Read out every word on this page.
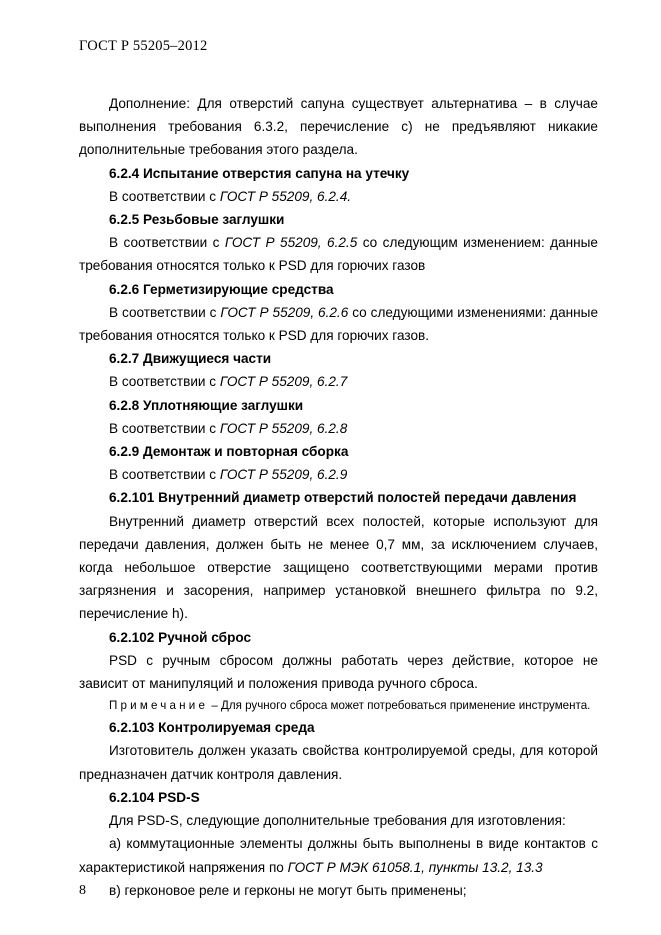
ГОСТ Р 55205–2012

Дополнение: Для отверстий сапуна существует альтернатива – в случае выполнения требования 6.3.2, перечисление с) не предъявляют никакие дополнительные требования этого раздела.

6.2.4 Испытание отверстия сапуна на утечку

В соответствии с ГОСТ Р 55209, 6.2.4.

6.2.5 Резьбовые заглушки

В соответствии с ГОСТ Р 55209, 6.2.5 со следующим изменением: данные требования относятся только к PSD для горючих газов

6.2.6 Герметизирующие средства

В соответствии с ГОСТ Р 55209, 6.2.6 со следующими изменениями: данные требования относятся только к PSD для горючих газов.

6.2.7 Движущиеся части

В соответствии с ГОСТ Р 55209, 6.2.7

6.2.8 Уплотняющие заглушки

В соответствии с ГОСТ Р 55209, 6.2.8

6.2.9 Демонтаж и повторная сборка

В соответствии с ГОСТ Р 55209, 6.2.9

6.2.101 Внутренний диаметр отверстий полостей передачи давления

Внутренний диаметр отверстий всех полостей, которые используют для передачи давления, должен быть не менее 0,7 мм, за исключением случаев, когда небольшое отверстие защищено соответствующими мерами против загрязнения и засорения, например установкой внешнего фильтра по 9.2, перечисление h).

6.2.102 Ручной сброс

PSD с ручным сбросом должны работать через действие, которое не зависит от манипуляций и положения привода ручного сброса.

Примечание – Для ручного сброса может потребоваться применение инструмента.

6.2.103 Контролируемая среда

Изготовитель должен указать свойства контролируемой среды, для которой предназначен датчик контроля давления.

6.2.104 PSD-S

Для PSD-S, следующие дополнительные требования для изготовления:

а) коммутационные элементы должны быть выполнены в виде контактов с характеристикой напряжения по ГОСТ Р МЭК 61058.1, пункты 13.2, 13.3

в) герконовое реле и герконы не могут быть применены;

8
